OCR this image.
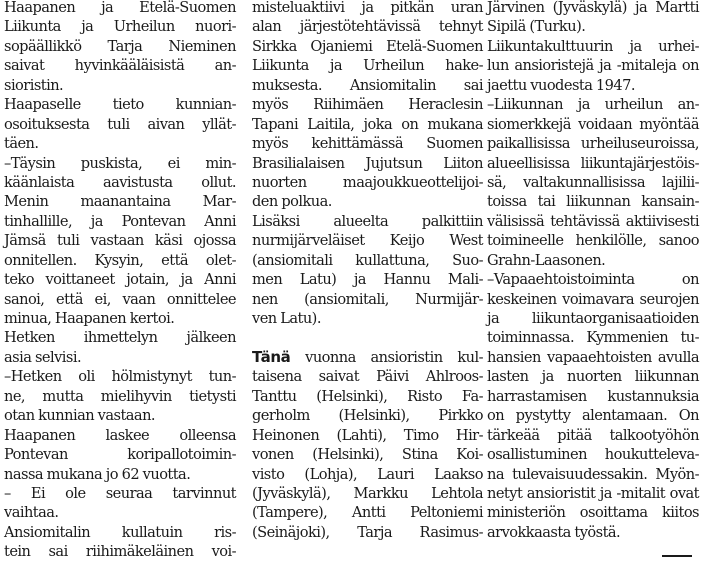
Haapanen ja Etelä-Suomen
Liikunta ja Urheilun nuori-
sopäällikkö Tarja Nieminen
saivat hyvinkääläisistä an-
sioristin.
Haapaselle tieto kunnian-
osoituksesta tuli aivan yllät-
täen.
–Täysin puskista, ei min-
käänlaista aavistusta ollut.
Menin maanantaina Mar-
tinhallille, ja Pontevan Anni
Jämsä tuli vastaan käsi ojossa
onnitellen. Kysyin, että olet-
teko voittaneet jotain, ja Anni
sanoi, että ei, vaan onnittelee
minua, Haapanen kertoi.
Hetken ihmettelyn jälkeen
asia selvisi.
–Hetken oli hölmistynyt tun-
ne, mutta mielihyvin tietysti
otan kunnian vastaan.
Haapanen laskee olleensa
Pontevan koripallotoimin-
nassa mukana jo 62 vuotta.
– Ei ole seuraa tarvinnut
vaihtaa.
Ansiomitalin kullatuin ris-
tein sai riihimäkeläinen voi-
misteluaktiivi ja pitkän uran
alan järjestötehtävissä tehnyt
Sirkka Ojaniemi Etelä-Suomen
Liikunta ja Urheilun hake-
muksesta. Ansiomitalin sai
myös Riihimäen Heraclesin
Tapani Laitila, joka on mukana
myös kehittämässä Suomen
Brasilialaisen Jujutsun Liiton
nuorten maajoukkueottelijoi-
den polkua.
Lisäksi alueelta palkittiin
nurmijärveläiset Keijo West
(ansiomitali kullattuna, Suo-
men Latu) ja Hannu Mali-
nen (ansiomitali, Nurmijär-
ven Latu).
Tänä vuonna ansioristin kul-
taisena saivat Päivi Ahlroos-
Tanttu (Helsinki), Risto Fa-
gerholm (Helsinki), Pirkko
Heinonen (Lahti), Timo Hir-
vonen (Helsinki), Stina Koi-
visto (Lohja), Lauri Laakso
(Jyväskylä), Markku Lehtola
(Tampere), Antti Peltoniemi
(Seinäjoki), Tarja Rasimus-
Järvinen (Jyväskylä) ja Martti
Sipilä (Turku).
Liikuntakulttuurin ja urhei-
lun ansioristejä ja -mitaleja on
jaettu vuodesta 1947.
–Liikunnan ja urheilun an-
siomerkkejä voidaan myöntää
paikallisissa urheiluseuroissa,
alueellisissa liikuntajärjestöis-
sä, valtakunnallisissa lajilii-
toissa tai liikunnan kansain-
välisissä tehtävissä aktiivisesti
toimineelle henkilölle, sanoo
Grahn-Laasonen.
–Vapaaehtoistoiminta on
keskeinen voimavara seurojen
ja liikuntaorganisaatioiden
toiminnassa. Kymmenien tu-
hansien vapaaehtoisten avulla
lasten ja nuorten liikunnan
harrastamisen kustannuksia
on pystytty alentamaan. On
tärkeää pitää talkootyöhön
osallistuminen houkutteleva-
na tulevaisuudessakin. Myön-
netyt ansioristit ja -mitalit ovat
ministeriön osoittama kiitos
arvokkaasta työstä.
